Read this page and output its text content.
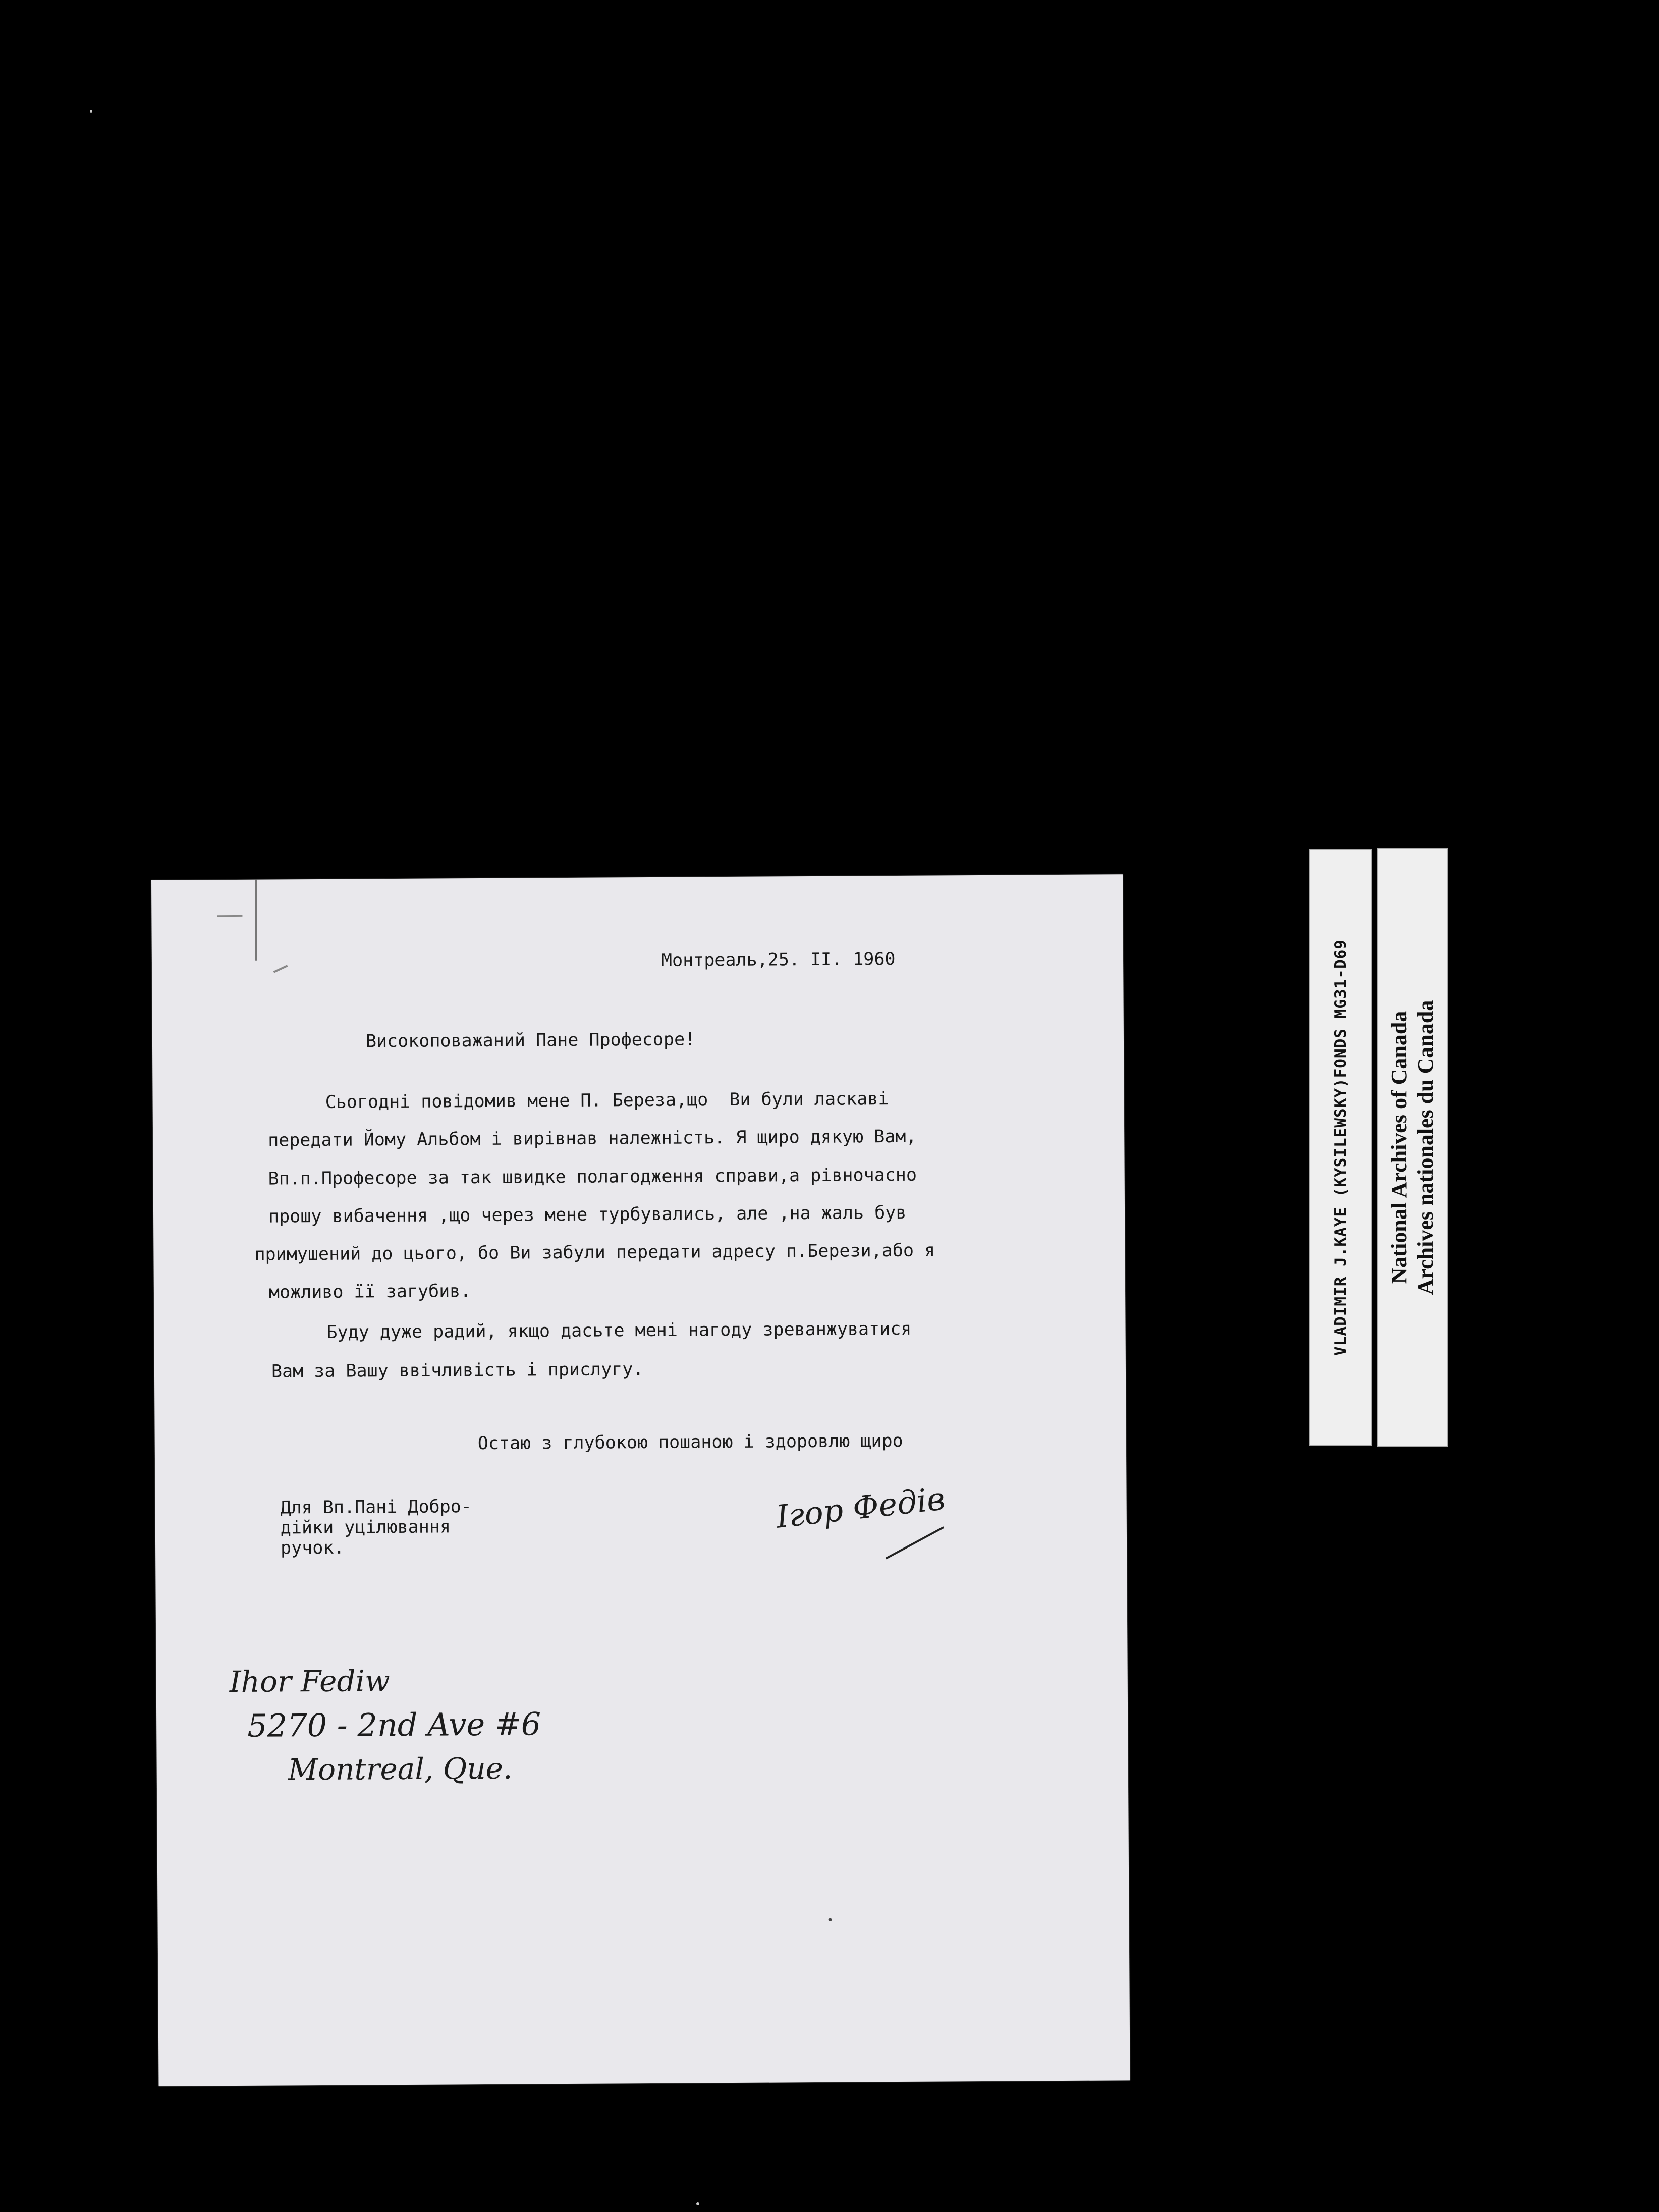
Монтреаль,25. II. 1960
Високоповажаний Пане Професоре!
Сьогодні повідомив мене П. Береза,що  Ви були ласкаві
передати Йому Альбом і вирівнав належність. Я щиро дякую Вам,
Вп.п.Професоре за так швидке полагодження справи,а рівночасно
прошу вибачення ,що через мене турбувались, але ,на жаль був
примушений до цього, бо Ви забули передати адресу п.Берези,або я
можливо її загубив.
Буду дуже радий, якщо дасьте мені нагоду зреванжуватися
Вам за Вашу ввічливість і прислугу.
Остаю з глубокою пошаною і здоровлю щиро
Для Вп.Пані Добро-
дійки уцілювання
ручок.
Ігор Федів
Ihor Fediw
5270 - 2nd Ave #6
Montreal, Que.
VLADIMIR J.KAYE (KYSILEWSKY)FONDS MG31-D69 National Archives of Canada Archives nationales du Canada
